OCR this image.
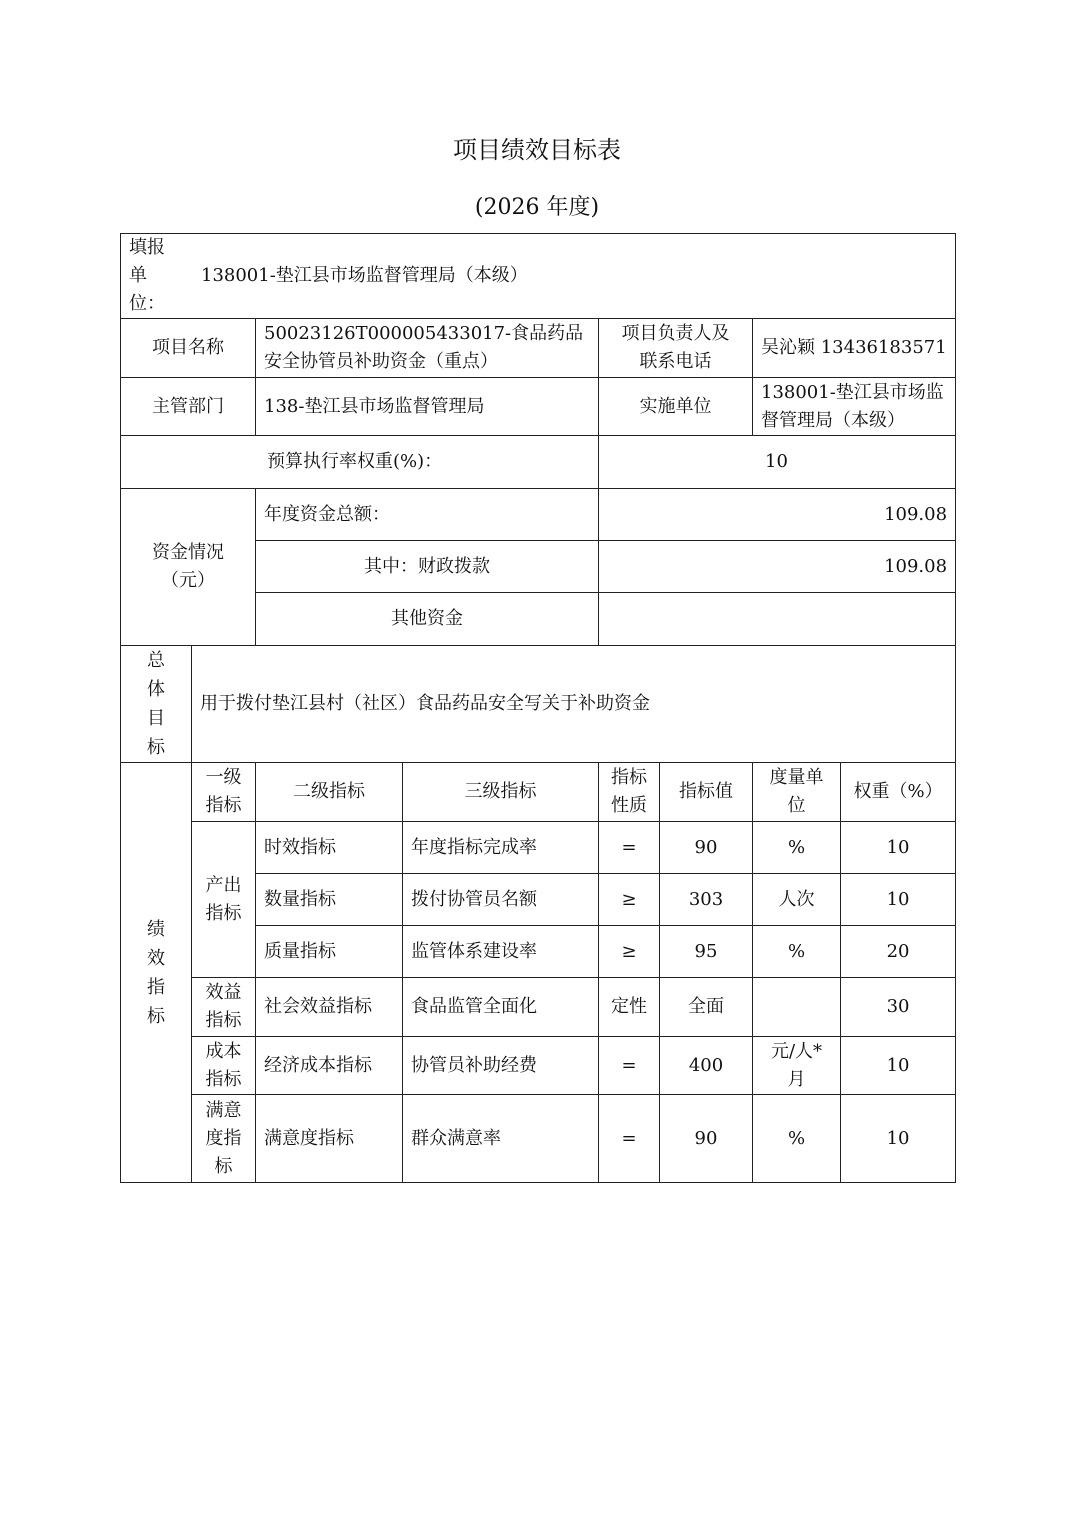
项目绩效目标表
(2026 年度)
填报单位：
138001-垫江县市场监督管理局（本级）							

项目名称		50023126T000005433017-食品药品安全协管员补助资金（重点）		项目负责人及联系电话		吴沁颖 13436183571	
主管部门		138-垫江县市场监督管理局		实施单位		138001-垫江县市场监督管理局（本级）	
预算执行率权重(%)：				10			
资金情况（元）		年度资金总额：		109.08			
		其中：财政拨款		109.08			
		其他资金					
总体目标	用于拨付垫江县村（社区）食品药品安全写关于补助资金						
绩效指标	一级指标	二级指标	三级指标	指标性质	指标值	度量单位	权重（%）
	产出指标	时效指标	年度指标完成率	=	90	%	10
		数量指标	拨付协管员名额	≥	303	人次	10
		质量指标	监管体系建设率	≥	95	%	20
	效益指标	社会效益指标	食品监管全面化	定性	全面		30
	成本指标	经济成本指标	协管员补助经费	=	400	元/人*月	10
	满意度指标	满意度指标	群众满意率	=	90	%	10
